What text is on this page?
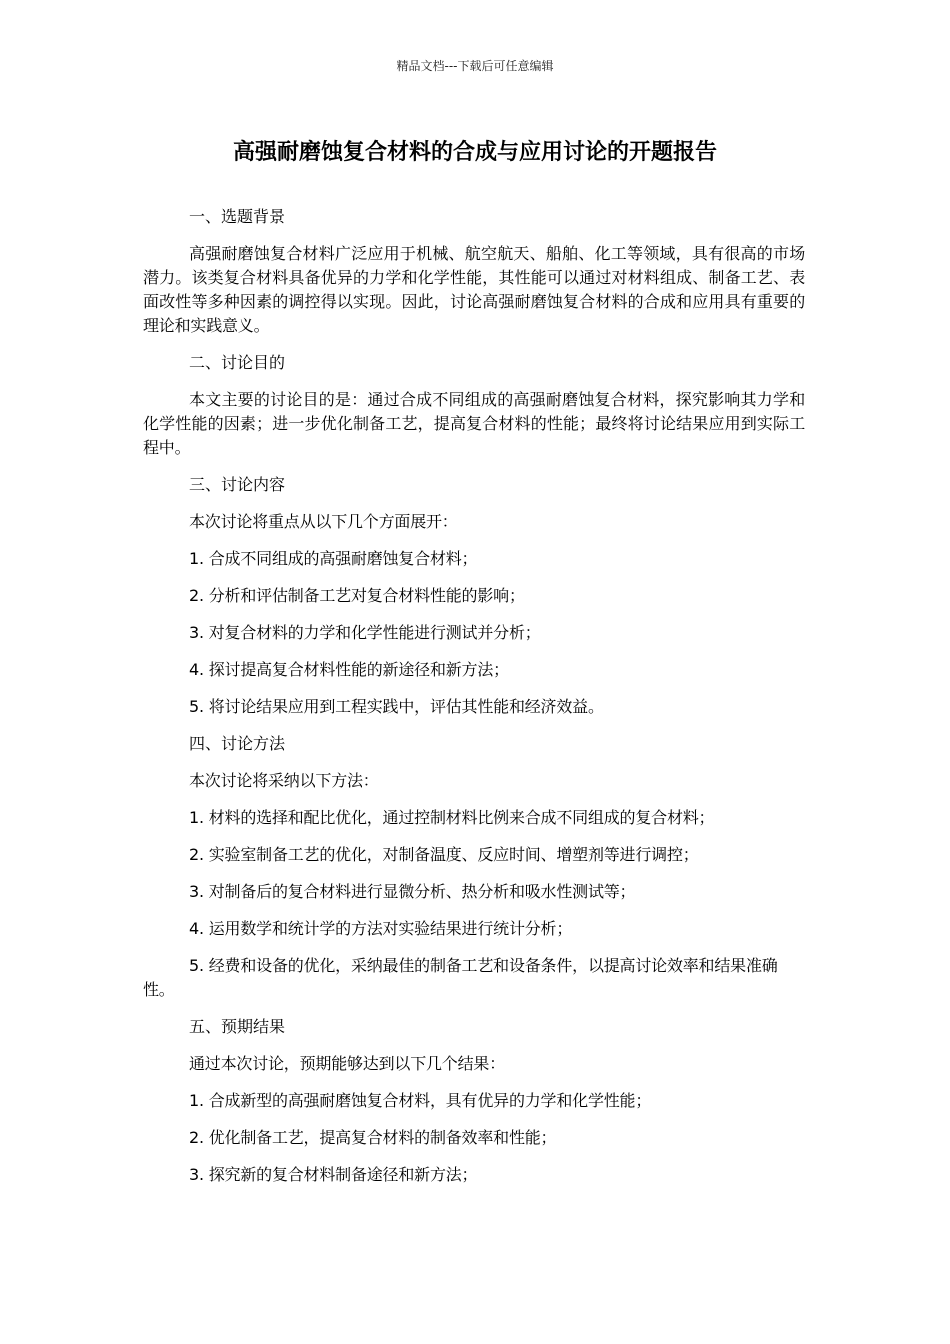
精品文档---下载后可任意编辑
高强耐磨蚀复合材料的合成与应用讨论的开题报告

一、选题背景

高强耐磨蚀复合材料广泛应用于机械、航空航天、船舶、化工等领域，具有很高的市场潜力。该类复合材料具备优异的力学和化学性能，其性能可以通过对材料组成、制备工艺、表面改性等多种因素的调控得以实现。因此，讨论高强耐磨蚀复合材料的合成和应用具有重要的理论和实践意义。

二、讨论目的

本文主要的讨论目的是：通过合成不同组成的高强耐磨蚀复合材料，探究影响其力学和化学性能的因素；进一步优化制备工艺，提高复合材料的性能；最终将讨论结果应用到实际工程中。

三、讨论内容

本次讨论将重点从以下几个方面展开：

1. 合成不同组成的高强耐磨蚀复合材料；

2. 分析和评估制备工艺对复合材料性能的影响；

3. 对复合材料的力学和化学性能进行测试并分析；

4. 探讨提高复合材料性能的新途径和新方法；

5. 将讨论结果应用到工程实践中，评估其性能和经济效益。

四、讨论方法

本次讨论将采纳以下方法：

1. 材料的选择和配比优化，通过控制材料比例来合成不同组成的复合材料；

2. 实验室制备工艺的优化，对制备温度、反应时间、增塑剂等进行调控；

3. 对制备后的复合材料进行显微分析、热分析和吸水性测试等；

4. 运用数学和统计学的方法对实验结果进行统计分析；

5. 经费和设备的优化，采纳最佳的制备工艺和设备条件，以提高讨论效率和结果准确性。

五、预期结果

通过本次讨论，预期能够达到以下几个结果：

1. 合成新型的高强耐磨蚀复合材料，具有优异的力学和化学性能；

2. 优化制备工艺，提高复合材料的制备效率和性能；

3. 探究新的复合材料制备途径和新方法；
